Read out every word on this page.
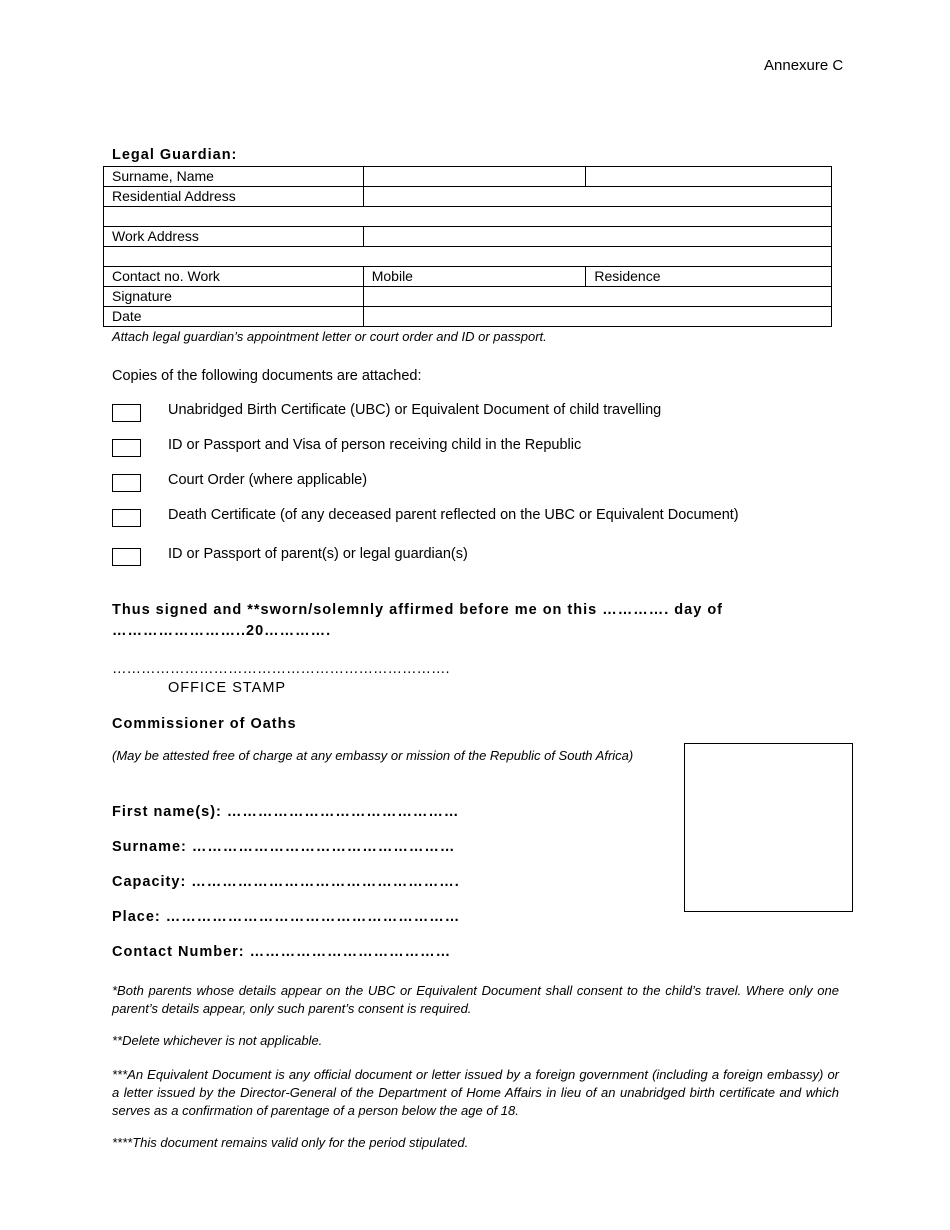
Annexure C
Legal Guardian:
Surname, Name		
Residential Address		

Work Address		

Contact no. Work	Mobile	Residence
Signature		
Date		
Attach legal guardian’s appointment letter or court order and ID or passport.
Copies of the following documents are attached:
Unabridged Birth Certificate (UBC) or Equivalent Document of child travelling
ID or Passport and Visa of person receiving child in the Republic
Court Order (where applicable)
Death Certificate (of any deceased parent reflected on the UBC or Equivalent Document)
ID or Passport of parent(s) or legal guardian(s)
Thus signed and **sworn/solemnly affirmed before me on this …………. day of
……………………..20………….
…………………………………………………………….
OFFICE STAMP
Commissioner of Oaths
(May be attested free of charge at any embassy or mission of the Republic of South Africa)
First name(s): ………………………………………
Surname: ……………………………………………
Capacity: …………………………………………….
Place: …………………………………………………
Contact Number: …………………………………
*Both parents whose details appear on the UBC or Equivalent Document shall consent to the child’s travel. Where only one parent’s details appear, only such parent’s consent is required.
**Delete whichever is not applicable.
***An Equivalent Document is any official document or letter issued by a foreign government (including a foreign embassy) or a letter issued by the Director-General of the Department of Home Affairs in lieu of an unabridged birth certificate and which serves as a confirmation of parentage of a person below the age of 18.
****This document remains valid only for the period stipulated.
